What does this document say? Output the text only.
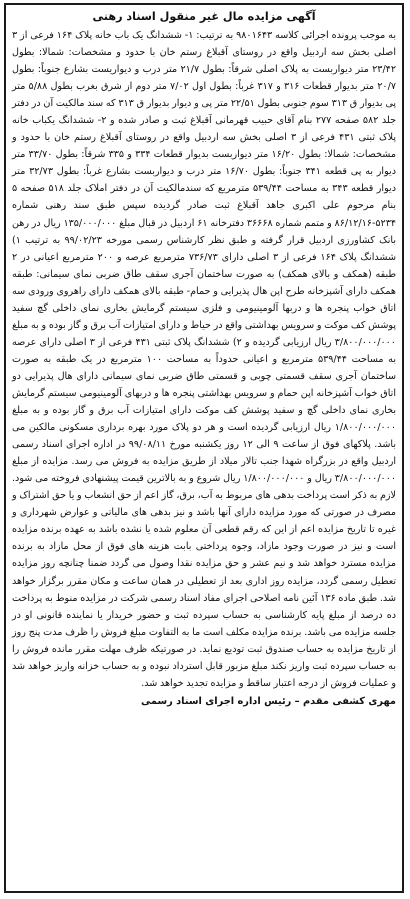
آگهی مزایده مال غیر منقول اسناد رهنی

به موجب پرونده اجرائی کلاسه ۹۸۰۱۶۴۳ به ترتیب: ۱- ششدانگ یک باب خانه پلاک ۱۶۴ فرعی از ۳ اصلی بخش سه اردبیل واقع در روستای آقبلاغ رستم خان با حدود و مشخصات: شمالا: بطول ۲۳/۴۲ متر دیواربست به پلاک اصلی شرقاً: بطول ۲۱/۷ متر درب و دیواریست بشارع جنوباً: بطول ۲۰/۷ متر بدیوار قطعات ۳۱۶ و ۳۱۷ غرباً: بطول اول ۷/۰۲ متر دوم از شرق بغرب بطول ۵/۸۸ متر پی بدیوار ق ۳۱۳ سوم جنوبی بطول ۲۲/۵۱ متر پی و دیوار بدیوار ق ۳۱۳ که سند مالکیت آن در دفتر جلد ۵۸۲ صفحه ۲۷۷ بنام آقای حبیب قهرمانی آقبلاغ ثبت و صادر شده و ۲- ششدانگ یکباب خانه پلاک ثبتی ۴۳۱ فرعی از ۳ اصلی بخش سه اردبیل واقع در روستای آقبلاغ رستم خان با حدود و مشخصات: شمالا: بطول ۱۶/۲۰ متر دیواربست بدیوار قطعات ۳۳۴ و ۳۳۵ شرقاً: بطول ۳۳/۷۰ متر دیوار به پی قطعه ۳۴۱ جنوباً: بطول ۱۶/۷۰ متر درب و دیواربست بشارع غرباً: بطول ۳۲/۷۳ متر دیوار قطعه ۳۴۳ به مساحت ۵۳۹/۴۴ مترمربع که سندمالکیت آن در دفتر املاک جلد ۵۱۸ صفحه ۵ بنام مرحوم علی اکبری جاهد آقبلاغ ثبت صادر گردیده سپس طبق سند رهنی شماره ۵۲۳۴-۸۶/۱۲/۱۶ و متمم شماره ۳۶۶۶۸ دفترخانه ۶۱ اردبیل در قبال مبلغ ۱۳۵/۰۰۰/۰۰۰ ریال در رهن بانک کشاورزی اردبیل قرار گرفته و طبق نظر کارشناس رسمی مورخه ۹۹/۰۲/۲۳ به ترتیب ۱) ششدانگ پلاک ۱۶۴ فرعی از ۳ اصلی دارای ۷۳۶/۷۳ مترمربع عرصه و ۲۰۰ مترمربع اعیانی در ۲ طبقه (همکف و بالای همکف) به صورت ساختمان آجری سقف طاق ضربی نمای سیمانی: طبقه همکف دارای آشپزخانه طرح اپن هال پذیرایی و حمام- طبقه بالای همکف دارای راهروی ورودی سه اتاق خواب پنجره ها و دربها آلومینیومی و فلزی سیستم گرمایش بخاری نمای داخلی گچ سفید پوشش کف موکت و سرویس بهداشتی واقع در حیاط و دارای امتیازات آب برق و گاز بوده و به مبلغ ۳/۸۰۰/۰۰۰/۰۰۰ ریال ارزیابی گردیده و ۲) ششدانگ پلاک ثبتی ۴۳۱ فرعی از ۳ اصلی دارای عرصه به مساحت ۵۳۹/۴۴ مترمربع و اعیانی حدوداً به مساحت ۱۰۰ مترمربع در یک طبقه به صورت ساختمان آجری سقف قسمتی چوبی و قسمتی طاق ضربی نمای سیمانی دارای هال پذیرایی دو اتاق خواب آشپزخانه اپن حمام و سرویس بهداشتی پنجره ها و دربهای آلومینیومی سیستم گرمایش بخاری نمای داخلی گچ و سفید پوشش کف موکت دارای امتیازات آب برق و گاز بوده و به مبلغ ۱/۸۰۰/۰۰۰/۰۰۰ ریال ارزیابی گردیده است و هر دو پلاک مورد بهره برداری مسکونی مالکین می باشد. پلاکهای فوق از ساعت ۹ الی ۱۲ روز یکشنبه مورخ ۹۹/۰۸/۱۱ در اداره اجرای اسناد رسمی اردبیل واقع در بزرگراه شهدا جنب تالار میلاد از طریق مزایده به فروش می رسد. مزایده از مبلغ ۳/۸۰۰/۰۰۰/۰۰۰ ریال و ۱/۸۰۰/۰۰۰/۰۰۰ ریال شروع و به بالاترین قیمت پیشنهادی فروخته می شود. لازم به ذکر است پرداخت بدهی های مربوط به آب، برق، گاز اعم از حق انشعاب و یا حق اشتراک و مصرف در صورتی که مورد مزایده دارای آنها باشد و نیز بدهی های مالیاتی و عوارض شهرداری و غیره تا تاریخ مزایده اعم از این که رقم قطعی آن معلوم شده یا نشده باشد به عهده برنده مزایده است و نیز در صورت وجود مازاد، وجوه پرداختی بابت هزینه های فوق از محل مازاد به برنده مزایده مسترد خواهد شد و نیم عشر و حق مزایده نقدا وصول می گردد ضمنا چنانچه روز مزایده تعطیل رسمی گردد، مزایده روز اداری بعد از تعطیلی در همان ساعت و مکان مقرر برگزار خواهد شد. طبق ماده ۱۳۶ آئین نامه اصلاحی اجرای مفاد اسناد رسمی شرکت در مزایده منوط به پرداخت ده درصد از مبلغ پایه کارشناسی به حساب سپرده ثبت و حضور خریدار یا نماینده قانونی او در جلسه مزایده می باشد. برنده مزایده مکلف است ما به التفاوت مبلغ فروش را ظرف مدت پنج روز از تاریخ مزایده به حساب صندوق ثبت تودیع نماید. در صورتیکه ظرف مهلت مقرر مانده فروش را به حساب سپرده ثبت واریز نکند مبلغ مزبور قابل استرداد نبوده و به حساب خزانه واریز خواهد شد و عملیات فروش از درجه اعتبار ساقط و مزایده تجدید خواهد شد.

مهری کشفی مقدم – رئیس اداره اجرای اسناد رسمی
